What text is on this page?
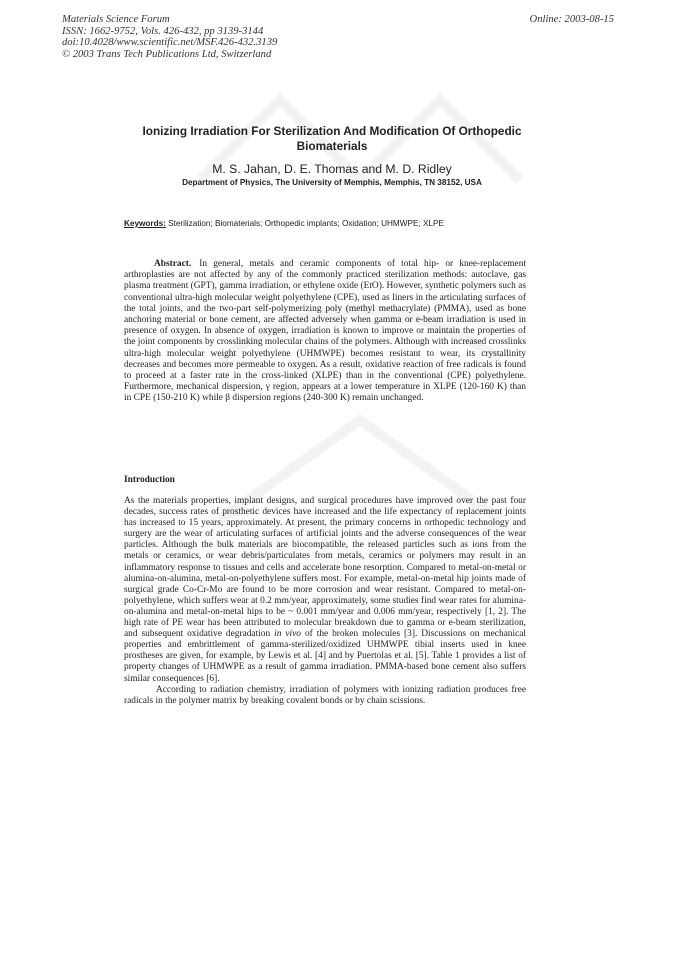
Materials Science Forum
ISSN: 1662-9752, Vols. 426-432, pp 3139-3144
doi:10.4028/www.scientific.net/MSF.426-432.3139
© 2003 Trans Tech Publications Ltd, Switzerland
Online: 2003-08-15
Ionizing Irradiation For Sterilization And Modification Of Orthopedic
Biomaterials
M. S. Jahan, D. E. Thomas and M. D. Ridley
Department of Physics, The University of Memphis, Memphis, TN 38152, USA
Keywords: Sterilization; Biomaterials; Orthopedic implants; Oxidation; UHMWPE; XLPE
Abstract. In general, metals and ceramic components of total hip- or knee-replacement arthroplasties are not affected by any of the commonly practiced sterilization methods: autoclave, gas plasma treatment (GPT), gamma irradiation, or ethylene oxide (EtO). However, synthetic polymers such as conventional ultra-high molecular weight polyethylene (CPE), used as liners in the articulating surfaces of the total joints, and the two-part self-polymerizing poly (methyl methacrylate) (PMMA), used as bone anchoring material or bone cement, are affected adversely when gamma or e-beam irradiation is used in presence of oxygen. In absence of oxygen, irradiation is known to improve or maintain the properties of the joint components by crosslinking molecular chains of the polymers. Although with increased crosslinks ultra-high molecular weight polyethylene (UHMWPE) becomes resistant to wear, its crystallinity decreases and becomes more permeable to oxygen. As a result, oxidative reaction of free radicals is found to proceed at a faster rate in the cross-linked (XLPE) than in the conventional (CPE) polyethylene. Furthermore, mechanical dispersion, γ region, appears at a lower temperature in XLPE (120-160 K) than in CPE (150-210 K) while β dispersion regions (240-300 K) remain unchanged.
Introduction

As the materials properties, implant designs, and surgical procedures have improved over the past four decades, success rates of prosthetic devices have increased and the life expectancy of replacement joints has increased to 15 years, approximately. At present, the primary concerns in orthopedic technology and surgery are the wear of articulating surfaces of artificial joints and the adverse consequences of the wear particles. Although the bulk materials are biocompatible, the released particles such as ions from the metals or ceramics, or wear debris/particulates from metals, ceramics or polymers may result in an inflammatory response to tissues and cells and accelerate bone resorption. Compared to metal-on-metal or alumina-on-alumina, metal-on-polyethylene suffers most. For example, metal-on-metal hip joints made of surgical grade Co-Cr-Mo are found to be more corrosion and wear resistant. Compared to metal-on-polyethylene, which suffers wear at 0.2 mm/year, approximately, some studies find wear rates for alumina-on-alumina and metal-on-metal hips to be ~ 0.001 mm/year and 0.006 mm/year, respectively [1, 2]. The high rate of PE wear has been attributed to molecular breakdown due to gamma or e-beam sterilization, and subsequent oxidative degradation in vivo of the broken molecules [3]. Discussions on mechanical properties and embrittlement of gamma-sterilized/oxidized UHMWPE tibial inserts used in knee prostheses are given, for example, by Lewis et al. [4] and by Puertolas et al. [5]. Table 1 provides a list of property changes of UHMWPE as a result of gamma irradiation. PMMA-based bone cement also suffers similar consequences [6].

According to radiation chemistry, irradiation of polymers with ionizing radiation produces free radicals in the polymer matrix by breaking covalent bonds or by chain scissions.
